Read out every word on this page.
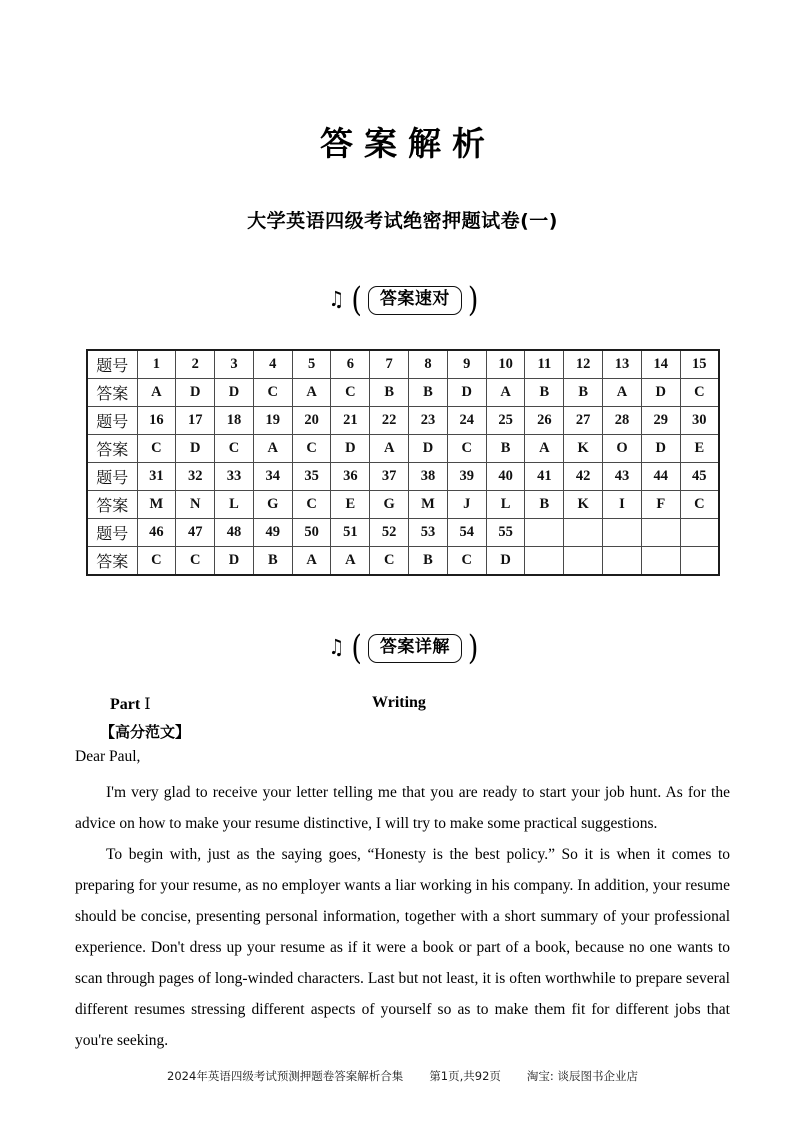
答案解析
大学英语四级考试绝密押题试卷(一)
♫ (	答案速对 )
题号	1	2	3	4	5	6	7	8	9	10	11	12	13	14	15
答案	A	D	D	C	A	C	B	B	D	A	B	B	A	D	C
题号	16	17	18	19	20	21	22	23	24	25	26	27	28	29	30
答案	C	D	C	A	C	D	A	D	C	B	A	K	O	D	E
题号	31	32	33	34	35	36	37	38	39	40	41	42	43	44	45
答案	M	N	L	G	C	E	G	M	J	L	B	K	I	F	C
题号	46	47	48	49	50	51	52	53	54	55					
答案	C	C	D	B	A	A	C	B	C	D					
♫ (	答案详解 )
Part Ⅰ	Writing
【高分范文】
Dear Paul,

I'm very glad to receive your letter telling me that you are ready to start your job hunt. As for the advice on how to make your resume distinctive, I will try to make some practical suggestions.

To begin with, just as the saying goes, “Honesty is the best policy.” So it is when it comes to preparing for your resume, as no employer wants a liar working in his company. In addition, your resume should be concise, presenting personal information, together with a short summary of your professional experience. Don't dress up your resume as if it were a book or part of a book, because no one wants to scan through pages of long-winded characters. Last but not least, it is often worthwhile to prepare several different resumes stressing different aspects of yourself so as to make them fit for different jobs that you're seeking.

2024年英语四级考试预测押题卷答案解析合集 第1页,共92页 淘宝: 谈辰图书企业店
